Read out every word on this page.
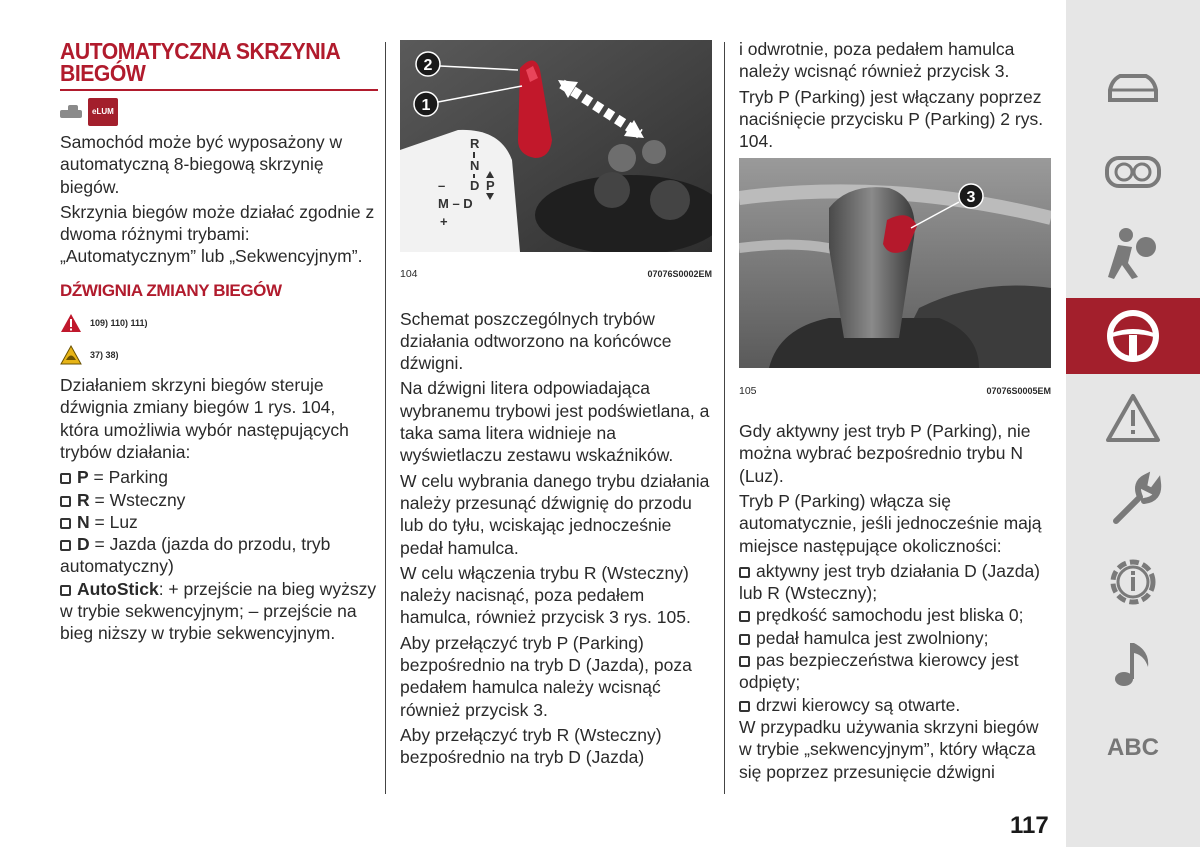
AUTOMATYCZNA SKRZYNIA
BIEGÓW
eLUM

Samochód może być wyposażony w automatyczną 8-biegową skrzynię biegów.

Skrzynia biegów może działać zgodnie z dwoma różnymi trybami: „Automatycznym” lub „Sekwencyjnym”.

DŹWIGNIA ZMIANY BIEGÓW
109) 110) 111)
37) 38)

Działaniem skrzyni biegów steruje dźwignia zmiany biegów 1 rys. 104, która umożliwia wybór następujących trybów działania:

P = Parking
R = Wsteczny
N = Luz
D = Jazda (jazda do przodu, tryb automatyczny)
AutoStick: + przejście na bieg wyższy w trybie sekwencyjnym; – przejście na bieg niższy w trybie sekwencyjnym.
2
1
R
N
D P
–
M – D
+
104	07076S0002EM

Schemat poszczególnych trybów działania odtworzono na końcówce dźwigni.

Na dźwigni litera odpowiadająca wybranemu trybowi jest podświetlana, a taka sama litera widnieje na wyświetlaczu zestawu wskaźników.

W celu wybrania danego trybu działania należy przesunąć dźwignię do przodu lub do tyłu, wciskając jednocześnie pedał hamulca.

W celu włączenia trybu R (Wsteczny) należy nacisnąć, poza pedałem hamulca, również przycisk 3 rys. 105.

Aby przełączyć tryb P (Parking) bezpośrednio na tryb D (Jazda), poza pedałem hamulca należy wcisnąć również przycisk 3.

Aby przełączyć tryb R (Wsteczny) bezpośrednio na tryb D (Jazda)

i odwrotnie, poza pedałem hamulca należy wcisnąć również przycisk 3.

Tryb P (Parking) jest włączany poprzez naciśnięcie przycisku P (Parking) 2 rys. 104.

3
105	07076S0005EM

Gdy aktywny jest tryb P (Parking), nie można wybrać bezpośrednio trybu N (Luz).

Tryb P (Parking) włącza się automatycznie, jeśli jednocześnie mają miejsce następujące okoliczności:

aktywny jest tryb działania D (Jazda) lub R (Wsteczny);
prędkość samochodu jest bliska 0;
pedał hamulca jest zwolniony;
pas bezpieczeństwa kierowcy jest odpięty;
drzwi kierowcy są otwarte.

W przypadku używania skrzyni biegów w trybie „sekwencyjnym”, który włącza się poprzez przesunięcie dźwigni

ABC
117
